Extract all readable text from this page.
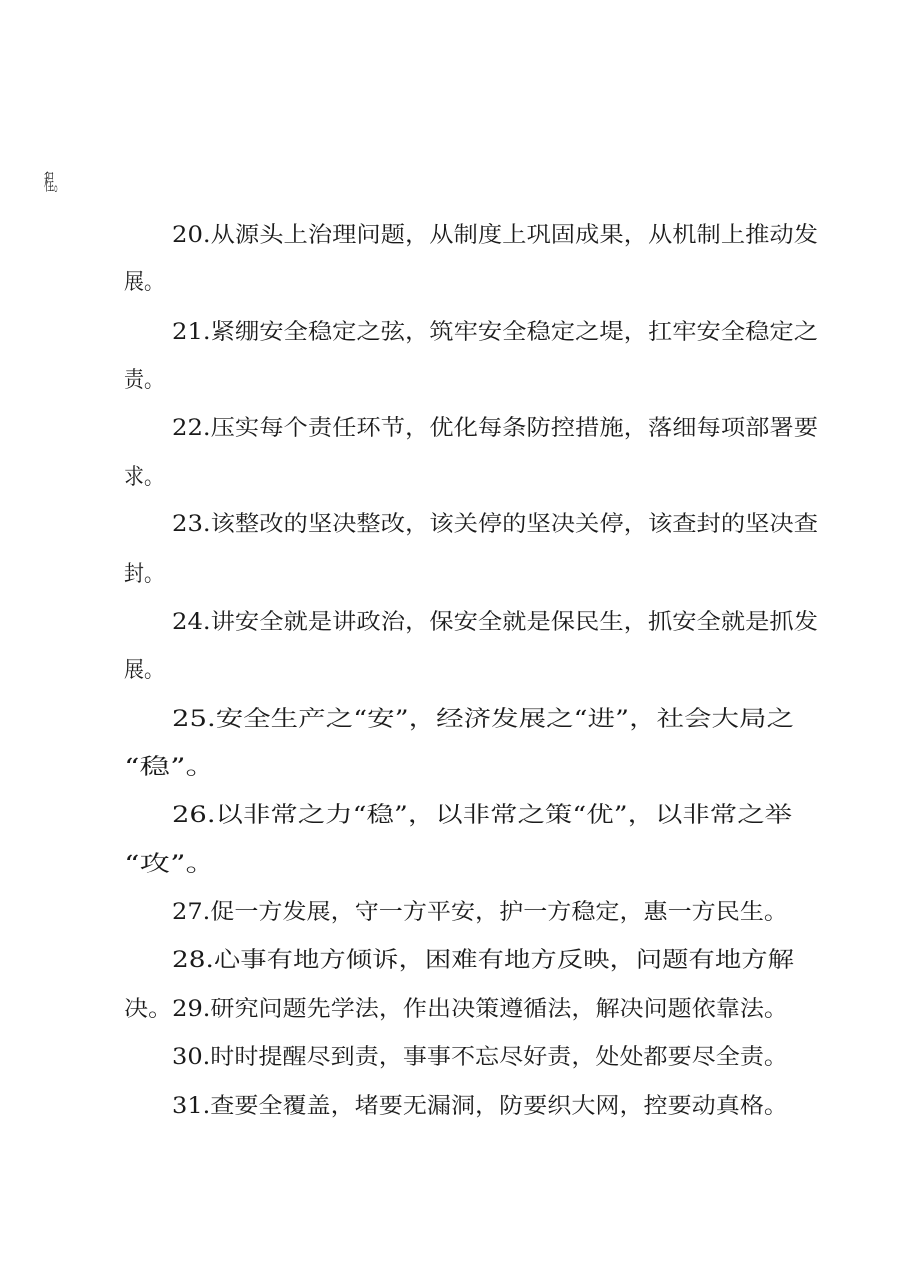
程。
20.从源头上治理问题，从制度上巩固成果，从机制上推动发
展。
21.紧绷安全稳定之弦，筑牢安全稳定之堤，扛牢安全稳定之
责。
22.压实每个责任环节，优化每条防控措施，落细每项部署要
求。
23.该整改的坚决整改，该关停的坚决关停，该查封的坚决查
封。
24.讲安全就是讲政治，保安全就是保民生，抓安全就是抓发
展。
25.安全生产之“安”，经济发展之“进”，社会大局之
“稳”。
26.以非常之力“稳”，以非常之策“优”，以非常之举
“攻”。
27.促一方发展，守一方平安，护一方稳定，惠一方民生。
28.心事有地方倾诉，困难有地方反映，问题有地方解
决。29.研究问题先学法，作出决策遵循法，解决问题依靠法。
30.时时提醒尽到责，事事不忘尽好责，处处都要尽全责。
31.查要全覆盖，堵要无漏洞，防要织大网，控要动真格。
